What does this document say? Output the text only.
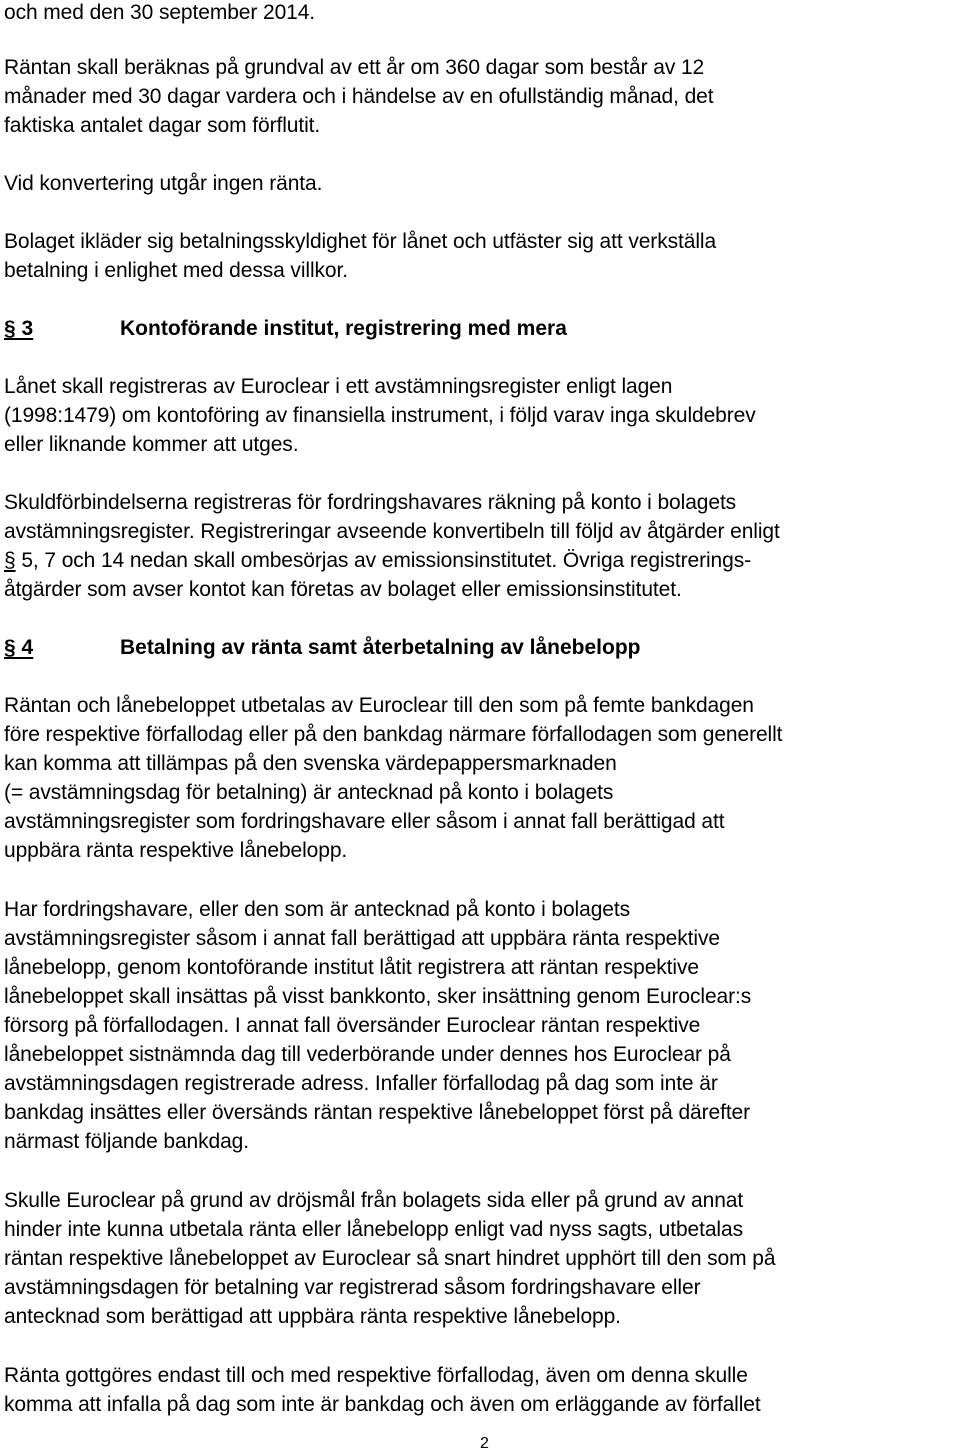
och med den 30 september 2014.
Räntan skall beräknas på grundval av ett år om 360 dagar som består av 12
månader med 30 dagar vardera och i händelse av en ofullständig månad, det
faktiska antalet dagar som förflutit.
Vid konvertering utgår ingen ränta.
Bolaget ikläder sig betalningsskyldighet för lånet och utfäster sig att verkställa
betalning i enlighet med dessa villkor.
§ 3	Kontoförande institut, registrering med mera
Lånet skall registreras av Euroclear i ett avstämningsregister enligt lagen
(1998:1479) om kontoföring av finansiella instrument, i följd varav inga skuldebrev
eller liknande kommer att utges.
Skuldförbindelserna registreras för fordringshavares räkning på konto i bolagets
avstämningsregister. Registreringar avseende konvertibeln till följd av åtgärder enligt
§ 5, 7 och 14 nedan skall ombesörjas av emissionsinstitutet. Övriga registrerings-
åtgärder som avser kontot kan företas av bolaget eller emissionsinstitutet.
§ 4	Betalning av ränta samt återbetalning av lånebelopp
Räntan och lånebeloppet utbetalas av Euroclear till den som på femte bankdagen
före respektive förfallodag eller på den bankdag närmare förfallodagen som generellt
kan komma att tillämpas på den svenska värdepappersmarknaden
(= avstämningsdag för betalning) är antecknad på konto i bolagets
avstämningsregister som fordringshavare eller såsom i annat fall berättigad att
uppbära ränta respektive lånebelopp.
Har fordringshavare, eller den som är antecknad på konto i bolagets
avstämningsregister såsom i annat fall berättigad att uppbära ränta respektive
lånebelopp, genom kontoförande institut låtit registrera att räntan respektive
lånebeloppet skall insättas på visst bankkonto, sker insättning genom Euroclear:s
försorg på förfallodagen. I annat fall översänder Euroclear räntan respektive
lånebeloppet sistnämnda dag till vederbörande under dennes hos Euroclear på
avstämningsdagen registrerade adress. Infaller förfallodag på dag som inte är
bankdag insättes eller översänds räntan respektive lånebeloppet först på därefter
närmast följande bankdag.
Skulle Euroclear på grund av dröjsmål från bolagets sida eller på grund av annat
hinder inte kunna utbetala ränta eller lånebelopp enligt vad nyss sagts, utbetalas
räntan respektive lånebeloppet av Euroclear så snart hindret upphört till den som på
avstämningsdagen för betalning var registrerad såsom fordringshavare eller
antecknad som berättigad att uppbära ränta respektive lånebelopp.
Ränta gottgöres endast till och med respektive förfallodag, även om denna skulle
komma att infalla på dag som inte är bankdag och även om erläggande av förfallet
2
